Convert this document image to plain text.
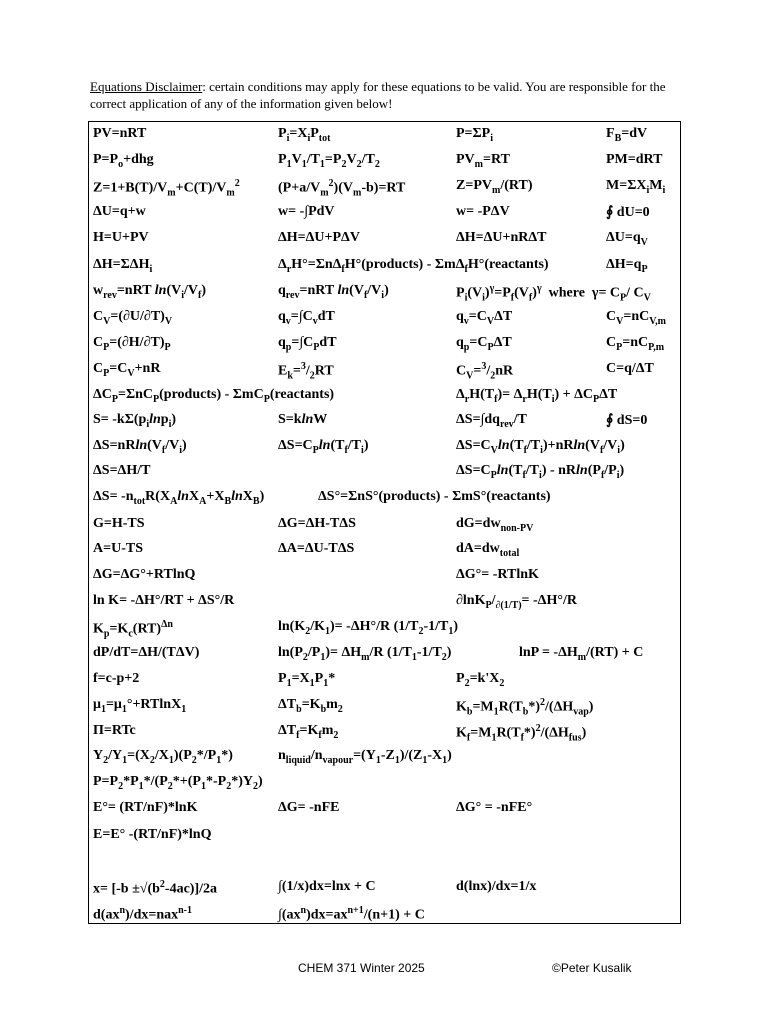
Equations Disclaimer: certain conditions may apply for these equations to be valid. You are responsible for the correct application of any of the information given below!
PV=nRT	$P_i=X_iP_{tot}$	$P=\Sigma P_i$	$F_B=dV$
$P=P_o+dhg$	$P_1V_1/T_1=P_2V_2/T_2$	$PV_m=RT$	PM=dRT
$Z=1+B(T)/V_m+C(T)/V_m^2$	$(P+a/V_m^2)(V_m-b)=RT$	$Z=PV_m/(RT)$	$M=\Sigma X_iM_i$
ΔU=q+w	w= -∫PdV	w= -PΔV	∮ dU=0
H=U+PV	ΔH=ΔU+PΔV	ΔH=ΔU+nRΔT	$\Delta U=q_V$
$\Delta H=\Sigma\Delta H_i$	$\Delta_rH^\circ=\Sigma n\Delta_fH^\circ(products)$ - ΣmΔ$_f$H°(reactants)	$\Delta H=q_P$
$w_{rev}=nRT$ $\ln(V_i/V_f)$	$q_{rev}=nRT$ $\ln(V_f/V_i)$	$P_i(V_i)^\gamma=P_f(V_f)^\gamma$  where  $\gamma= C_P/$ $C_V$
$C_V=(\partial U/\partial T)_V$	$q_v=\int C_vdT$	$q_v=C_V\Delta T$	$C_V=nC_{V,m}$
$C_P=(\partial H/\partial T)_P$	$q_p=\int C_PdT$	$q_p=C_P\Delta T$	$C_P=nC_{P,m}$
$C_P=C_V+nR$	$E_k=^3/_2RT$	$C_V=^3/_2nR$	C=q/ΔT
$\Delta C_P=\Sigma nC_P(products)$ - ΣmC$_P$(reactants)	$\Delta_rH(T_f)= \Delta_rH(T_i) + \Delta C_P\Delta T$
$S= -k\Sigma(p_i\ln p_i)$	S=klnW	$\Delta S=\int dq_{rev}/T$	∮ dS=0
$\Delta S=nRln(V_f/V_i)$	$\Delta S=C_P\ln(T_f/T_i)$	$\Delta S=C_V\ln(T_f/T_i)+nRln(V_f/V_i)$
ΔS=ΔH/T	$\Delta S=C_P\ln(T_f/T_i) - nRln(P_f/P_i)$
$\Delta S= -n_{tot}R(X_A\ln X_A+X_B\ln X_B)$	ΔS°=ΣnS°(products) - ΣmS°(reactants)
G=H-TS	ΔG=ΔH-TΔS	$dG=dw_{non-PV}$
A=U-TS	ΔA=ΔU-TΔS	$dA=dw_{total}$
ΔG=ΔG°+RTlnQ	ΔG°= -RTlnK
ln K= -ΔH°/RT + ΔS°/R	$\partial\ln K_P/_{\partial(1/T)}= -\Delta H^\circ/R$
$K_p=K_c(RT)^{\Delta n}$	$\ln(K_2/K_1)= -\Delta H^\circ/R$ $(1/T_2-1/T_1)$
dP/dT=ΔH/(TΔV)	$\ln(P_2/P_1)= \Delta H_m/R$ $(1/T_1-1/T_2)$	$\ln P = -\Delta H_m/(RT) + C$
f=c-p+2	$P_1=X_1P_1*$	$P_2=k'X_2$
$\mu_1=\mu_1^\circ+RTlnX_1$	$\Delta T_b=K_bm_2$	$K_b=M_1R(T_b*)^2/(\Delta H_{vap})$
Π=RTc	$\Delta T_f=K_fm_2$	$K_f=M_1R(T_f*)^2/(\Delta H_{fus})$
$Y_2/Y_1=(X_2/X_1)(P_2*/P_1*)$	$n_{liquid}/n_{vapour}=(Y_1-Z_1)/(Z_1-X_1)$
$P=P_2*P_1*/(P_2*+(P_1*-P_2*)Y_2)$
E°= (RT/nF)*lnK	ΔG= -nFE	ΔG° = -nFE°
E=E° -(RT/nF)*lnQ
$x= [-b \pm√(b^2-4ac)]/2a$	∫(1/x)dx=lnx + C	d(lnx)/dx=1/x
$d(ax^n)/dx=nax^{n-1}$	$\int(ax^n)dx=ax^{n+1}/(n+1) + C$
CHEM 371 Winter 2025	©Peter Kusalik
